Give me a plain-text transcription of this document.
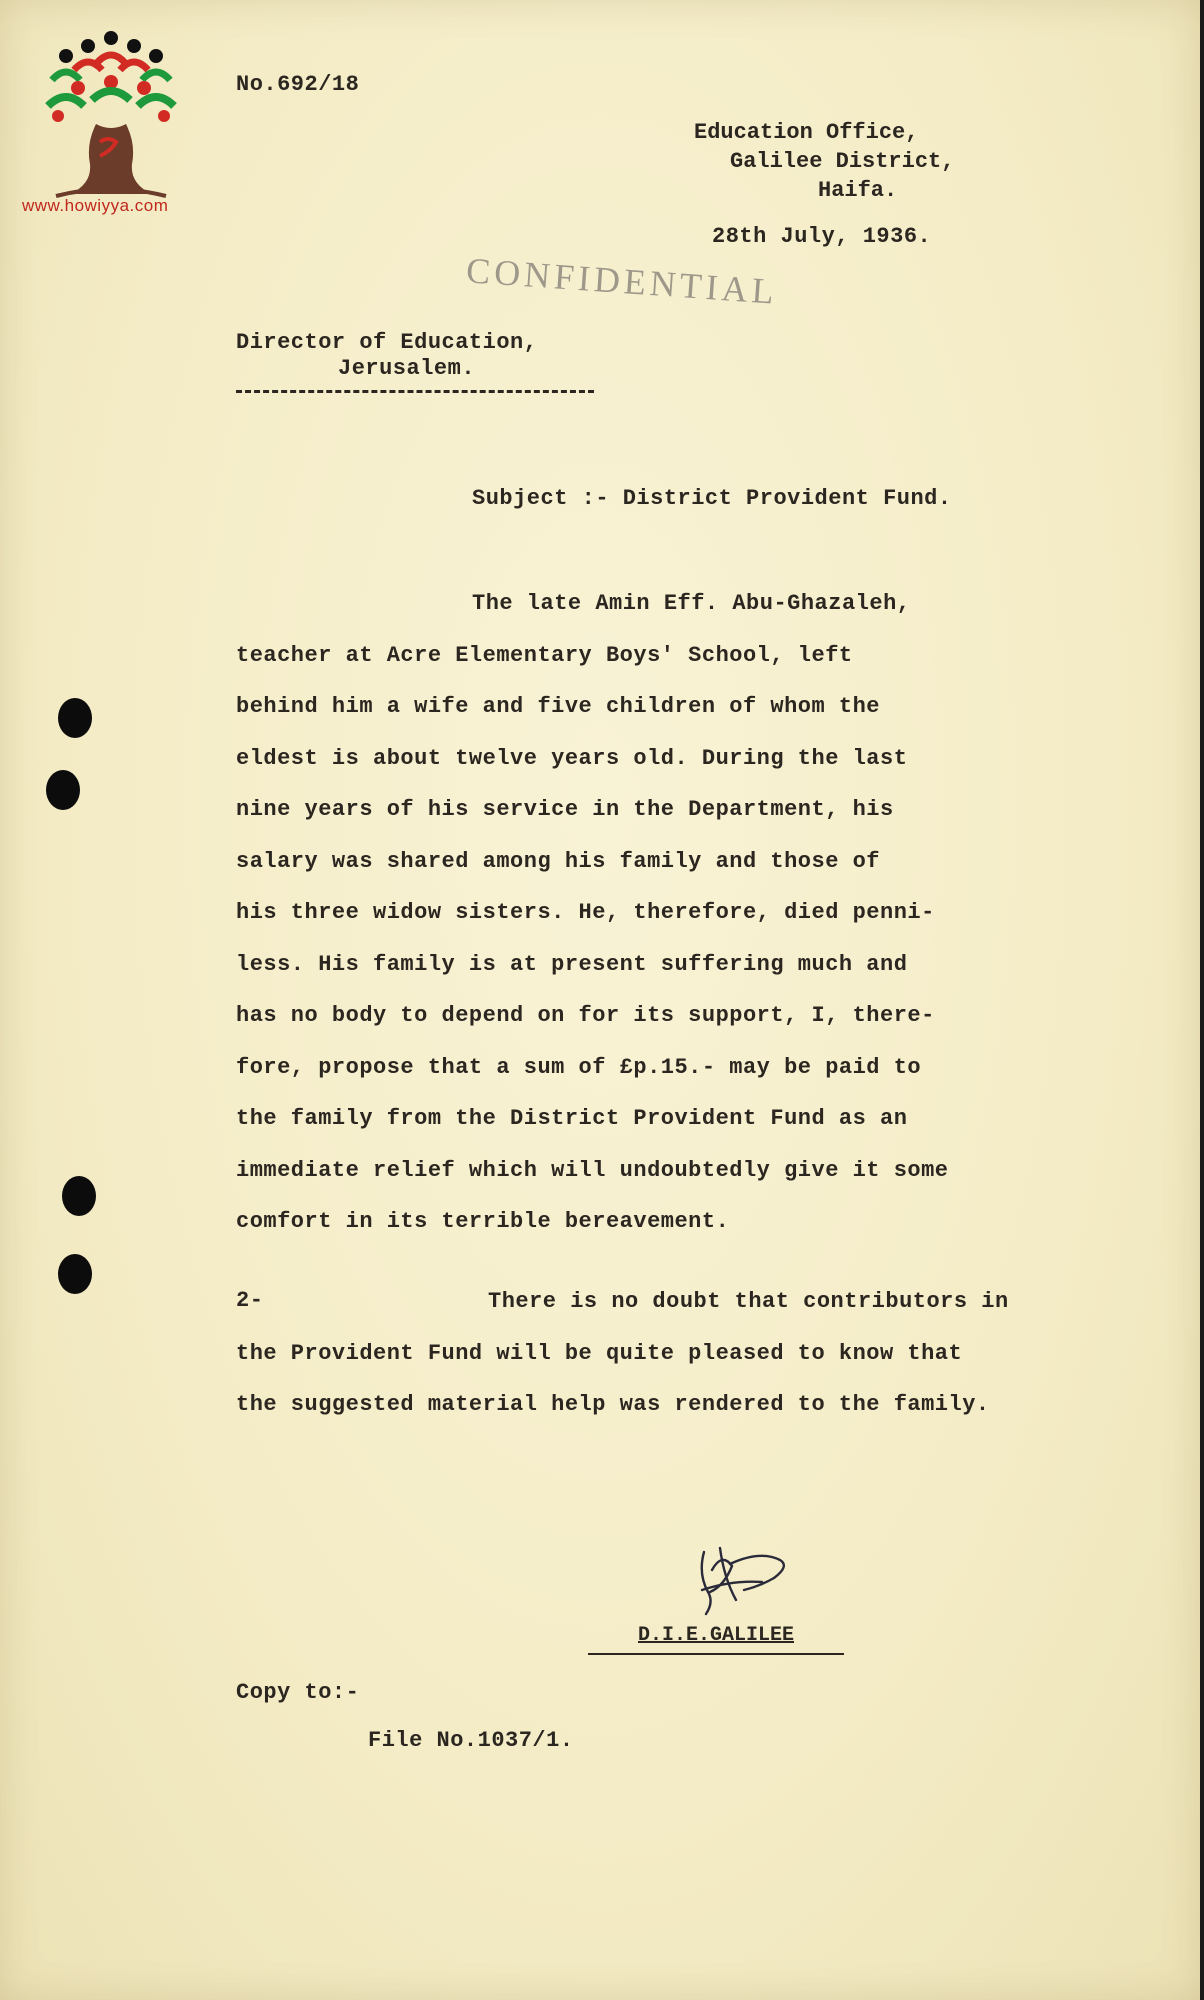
www.howiyya.com

No.692/18

Education Office,
Galilee District,
Haifa.

28th July, 1936.

CONFIDENTIAL

Director of Education,

Jerusalem.

Subject :- District Provident Fund.

The late Amin Eff. Abu-Ghazaleh,
teacher at Acre Elementary Boys' School, left
behind him a wife and five children of whom the
eldest is about twelve years old. During the last
nine years of his service in the Department, his
salary was shared among his family and those of
his three widow sisters. He, therefore, died penni-
less. His family is at present suffering much and
has no body to depend on for its support, I, there-
fore, propose that a sum of £p.15.- may be paid to
the family from the District Provident Fund as an
immediate relief which will undoubtedly give it some
comfort in its terrible bereavement.

2-	There is no doubt that contributors in
the Provident Fund will be quite pleased to know that
the suggested material help was rendered to the family.
D.I.E.GALILEE

Copy to:-

File No.1037/1.
